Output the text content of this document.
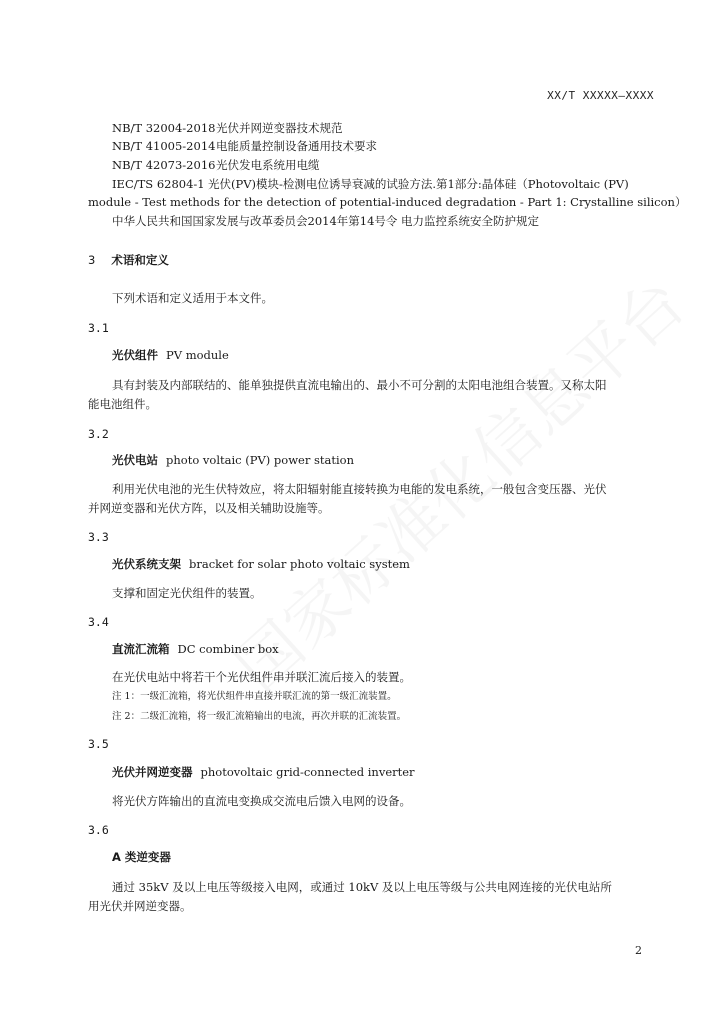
XX/T XXXXX—XXXX
NB/T 32004-2018光伏并网逆变器技术规范
NB/T 41005-2014电能质量控制设备通用技术要求
NB/T 42073-2016光伏发电系统用电缆
IEC/TS 62804-1 光伏(PV)模块-检测电位诱导衰减的试验方法.第1部分:晶体硅（Photovoltaic (PV)
module - Test methods for the detection of potential-induced degradation - Part 1: Crystalline silicon）
中华人民共和国国家发展与改革委员会2014年第14号令 电力监控系统安全防护规定
3 术语和定义
下列术语和定义适用于本文件。
3.1
光伏组件 PV module
具有封装及内部联结的、能单独提供直流电输出的、最小不可分割的太阳电池组合装置。又称太阳
能电池组件。
3.2
光伏电站 photo voltaic (PV) power station
利用光伏电池的光生伏特效应，将太阳辐射能直接转换为电能的发电系统，一般包含变压器、光伏
并网逆变器和光伏方阵，以及相关辅助设施等。
3.3
光伏系统支架 bracket for solar photo voltaic system
支撑和固定光伏组件的装置。
3.4
直流汇流箱 DC combiner box
在光伏电站中将若干个光伏组件串并联汇流后接入的装置。
注 1：一级汇流箱，将光伏组件串直接并联汇流的第一级汇流装置。
注 2：二级汇流箱，将一级汇流箱输出的电流，再次并联的汇流装置。
3.5
光伏并网逆变器 photovoltaic grid-connected inverter
将光伏方阵输出的直流电变换成交流电后馈入电网的设备。
3.6
A 类逆变器
通过 35kV 及以上电压等级接入电网，或通过 10kV 及以上电压等级与公共电网连接的光伏电站所
用光伏并网逆变器。
2
